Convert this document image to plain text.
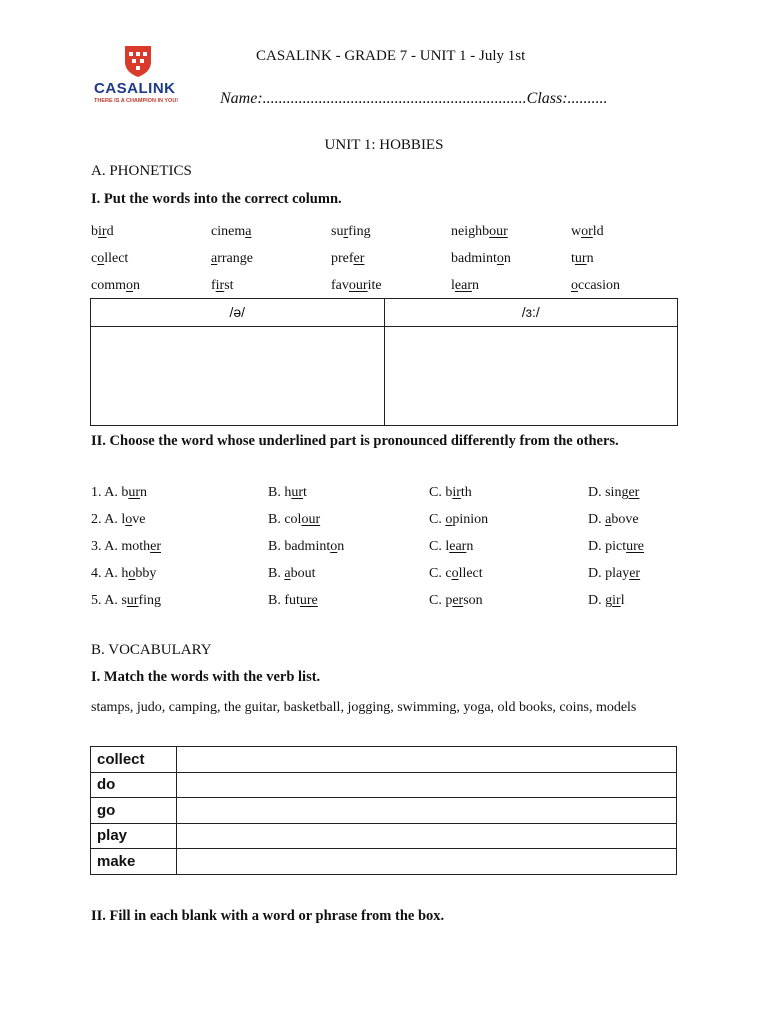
CASALINK
THERE IS A CHAMPION IN YOU!
CASALINK - GRADE 7 - UNIT 1 - July 1st
Name:..................................................................Class:..........
UNIT 1: HOBBIES
A. PHONETICS
I. Put the words into the correct column.
bird	cinema	surfing	neighbour	world
collect	arrange	prefer	badminton	turn
common	first	favourite	learn	occasion
/ə/	/ɜ:/
II. Choose the word whose underlined part is pronounced differently from the others.
1. A. burn	B. hurt	C. birth	D. singer
2. A. love	B. colour	C. opinion	D. above
3. A. mother	B. badminton	C. learn	D. picture
4. A. hobby	B. about	C. collect	D. player
5. A. surfing	B. future	C. person	D. girl
B. VOCABULARY
I. Match the words with the verb list.
stamps, judo, camping, the guitar, basketball, jogging, swimming, yoga, old books, coins, models
collect	
do	
go	
play	
make	
II. Fill in each blank with a word or phrase from the box.
